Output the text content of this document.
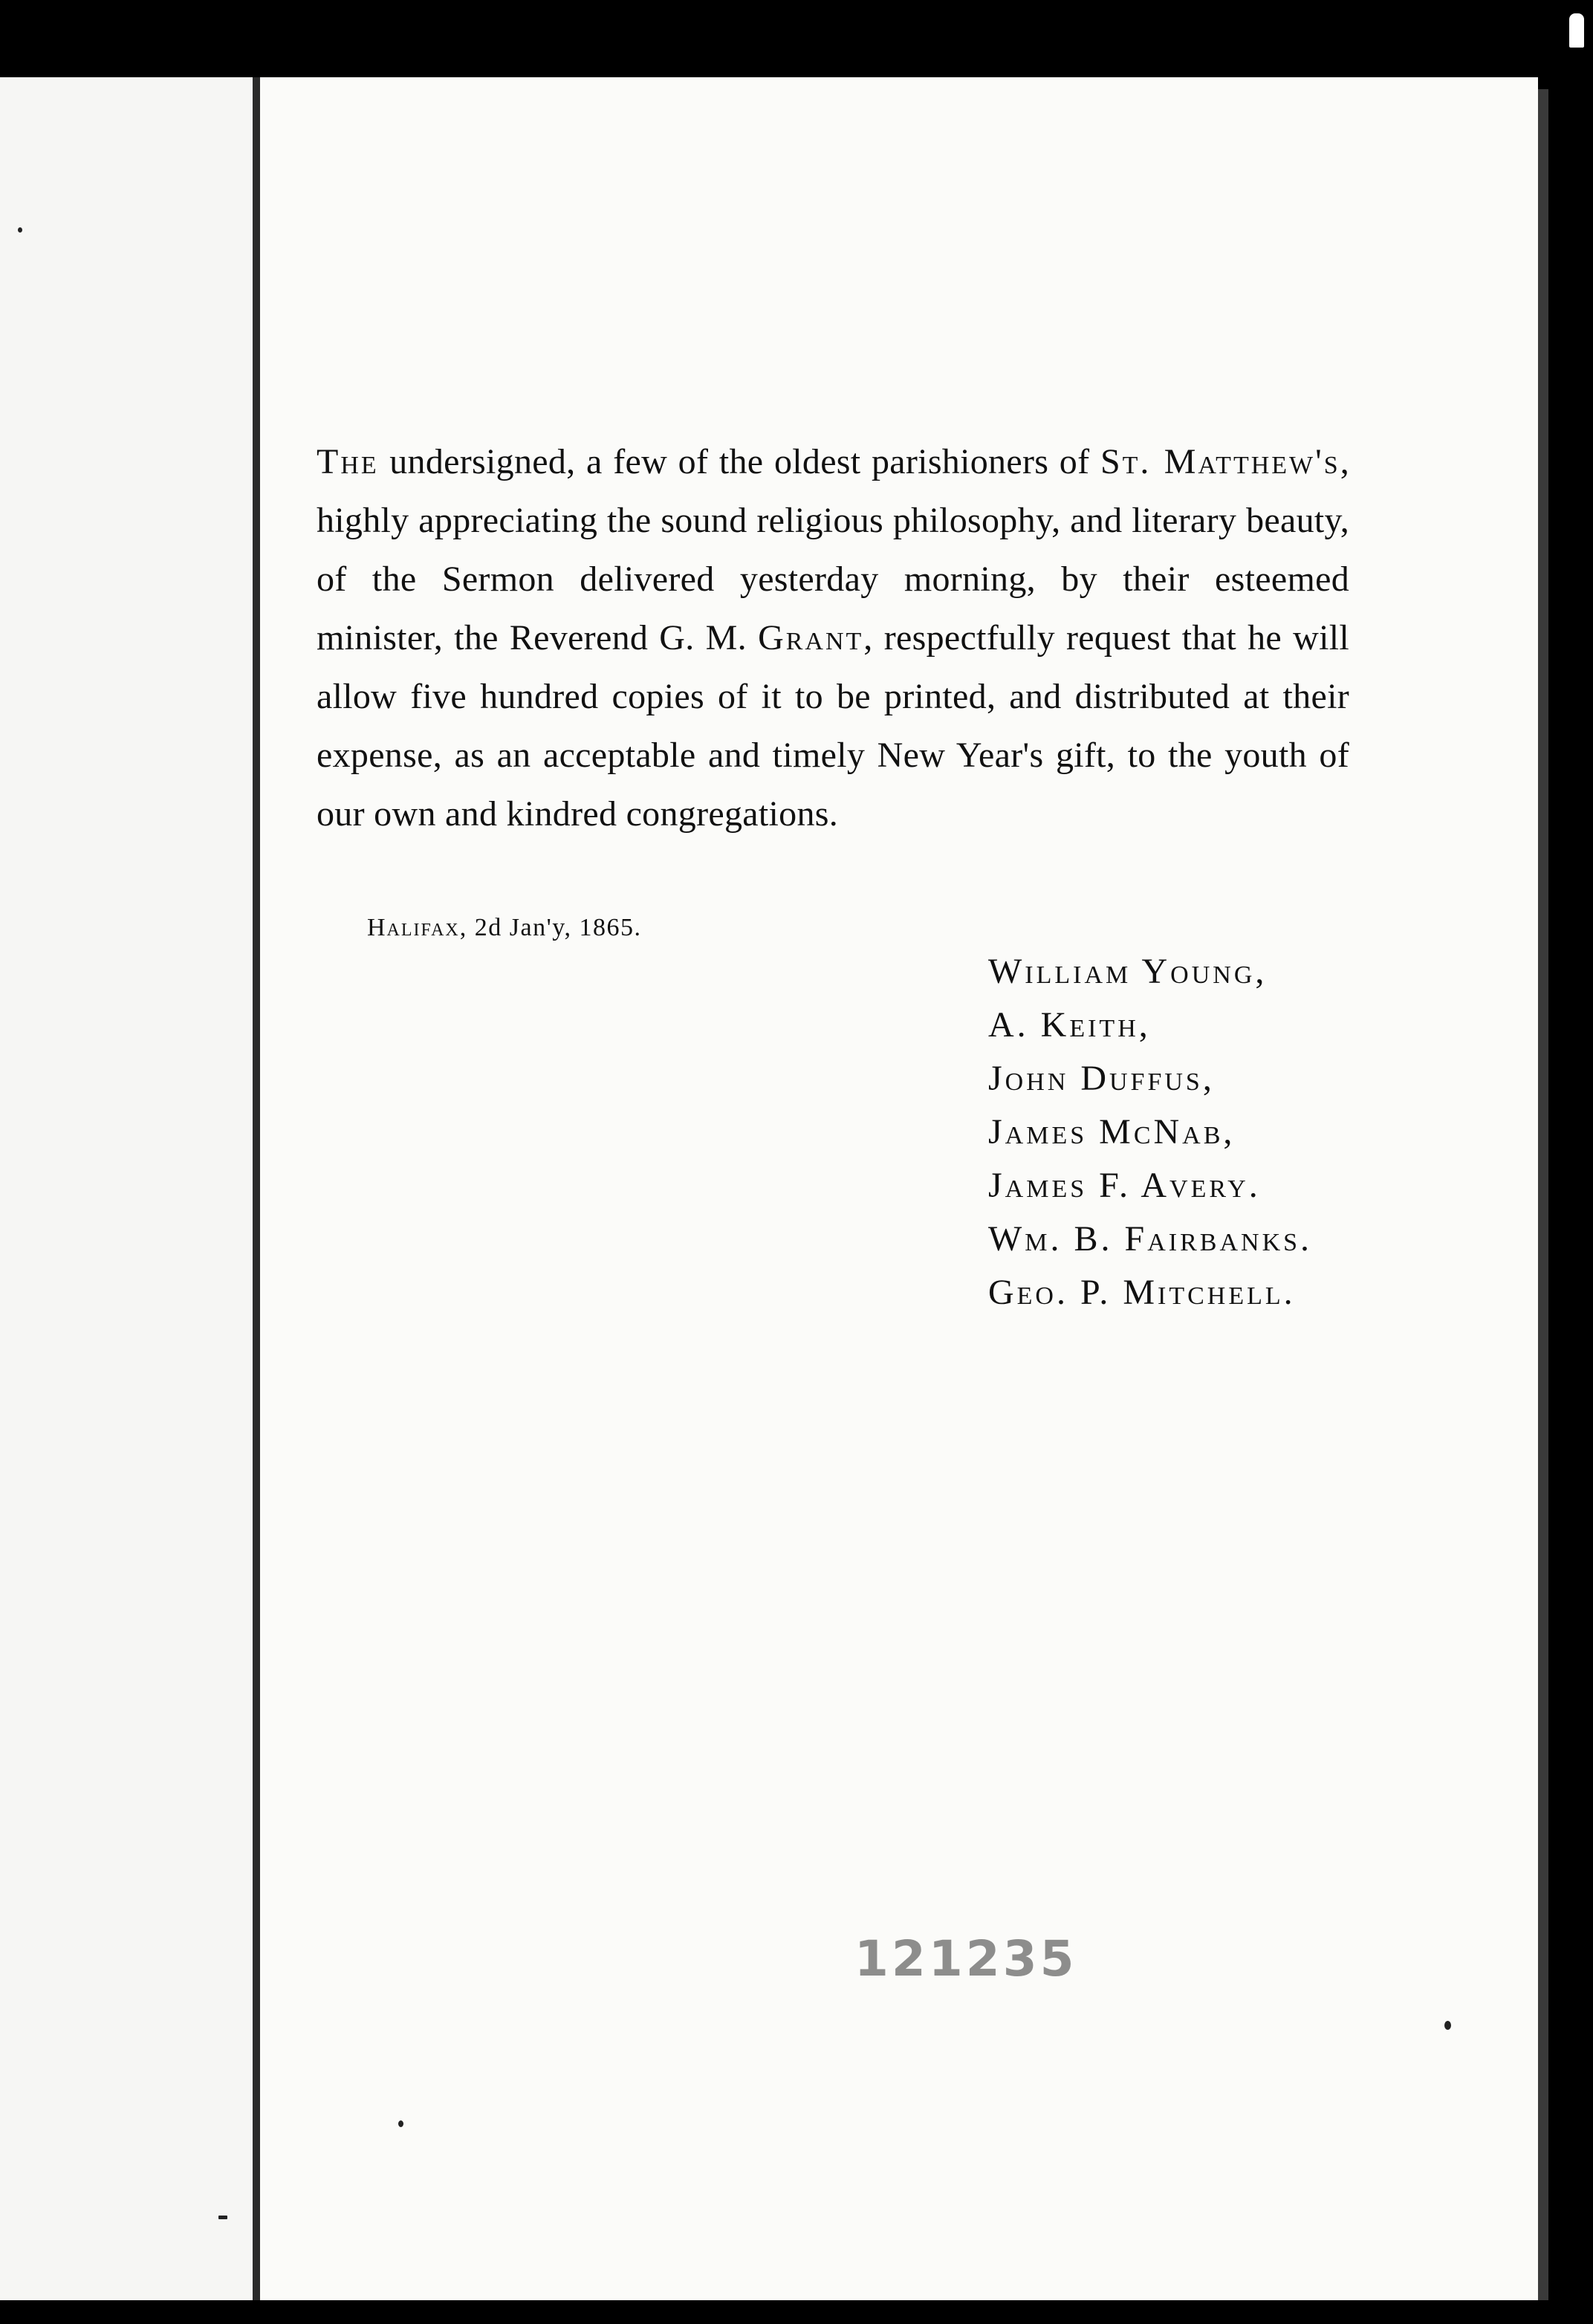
The undersigned, a few of the oldest parishioners of St. Matthew's, highly appreciating the sound religious philosophy, and literary beauty, of the Sermon delivered yesterday morning, by their esteemed minister, the Reverend G. M. Grant, respectfully request that he will allow five hundred copies of it to be printed, and distributed at their expense, as an acceptable and timely New Year's gift, to the youth of our own and kindred congregations.

Halifax, 2d Jan'y, 1865.
William Young,
A. Keith,
John Duffus,
James McNab,
James F. Avery.
Wm. B. Fairbanks.
Geo. P. Mitchell.
121235
